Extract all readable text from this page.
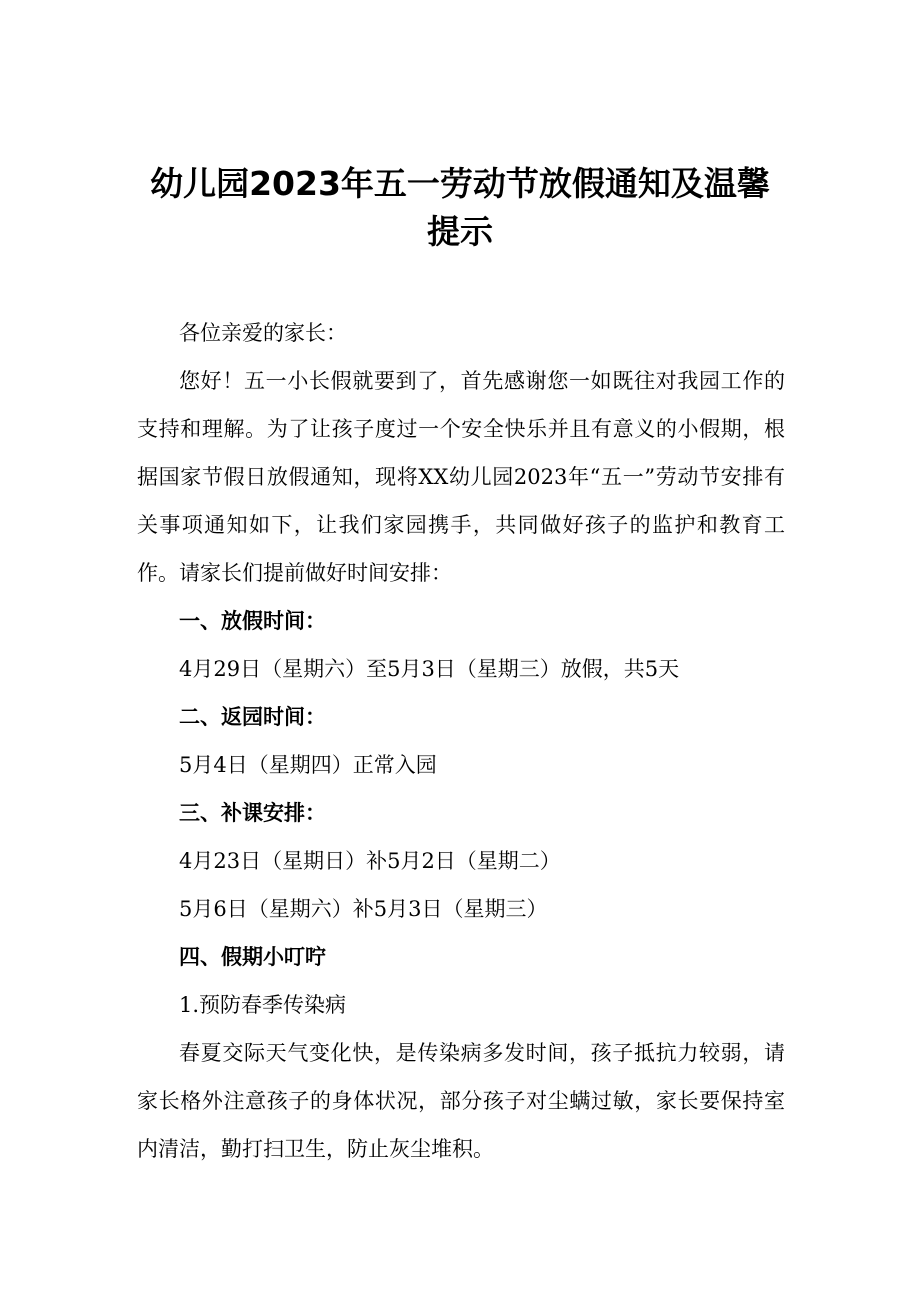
幼儿园2023年五一劳动节放假通知及温馨
提示

各位亲爱的家长：

您好！五一小长假就要到了，首先感谢您一如既往对我园工作的支持和理解。为了让孩子度过一个安全快乐并且有意义的小假期，根据国家节假日放假通知，现将XX幼儿园2023年“五一”劳动节安排有关事项通知如下，让我们家园携手，共同做好孩子的监护和教育工作。请家长们提前做好时间安排：

一、放假时间：

4月29日（星期六）至5月3日（星期三）放假，共5天

二、返园时间：

5月4日（星期四）正常入园

三、补课安排：

4月23日（星期日）补5月2日（星期二）

5月6日（星期六）补5月3日（星期三）

四、假期小叮咛

1.预防春季传染病

春夏交际天气变化快，是传染病多发时间，孩子抵抗力较弱，请家长格外注意孩子的身体状况，部分孩子对尘螨过敏，家长要保持室内清洁，勤打扫卫生，防止灰尘堆积。
